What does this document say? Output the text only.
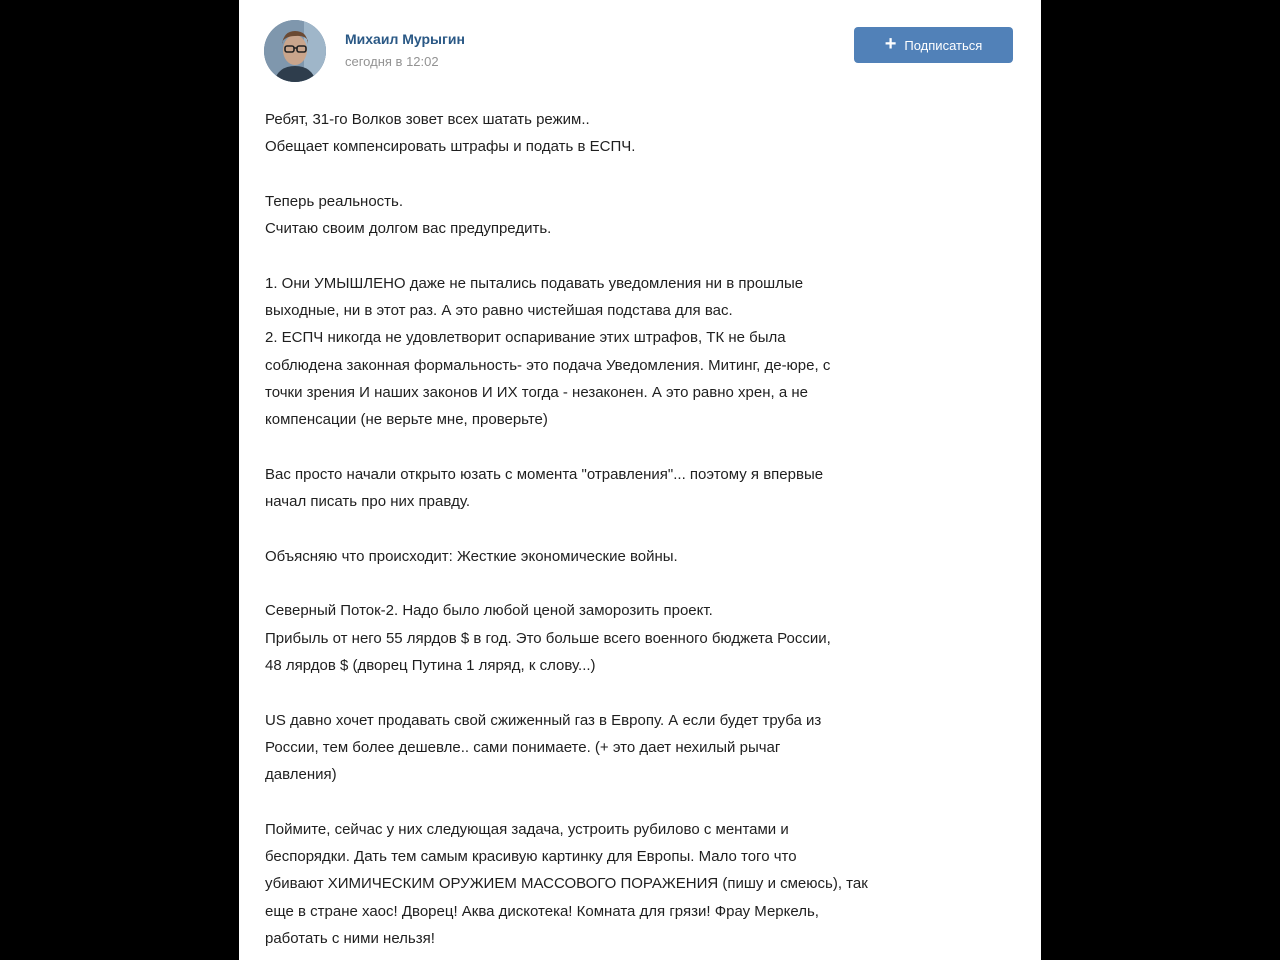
Михаил Мурыгин
сегодня в 12:02
+ Подписаться

Ребят, 31-го Волков зовет всех шатать режим..
Обещает компенсировать штрафы и подать в ЕСПЧ.

Теперь реальность.
Считаю своим долгом вас предупредить.

1. Они УМЫШЛЕНО даже не пытались подавать уведомления ни в прошлые
выходные, ни в этот раз. А это равно чистейшая подстава для вас.
2. ЕСПЧ никогда не удовлетворит оспаривание этих штрафов, ТК не была
соблюдена законная формальность- это подача Уведомления. Митинг, де-юре, с
точки зрения И наших законов И ИХ тогда - незаконен. А это равно хрен, а не
компенсации (не верьте мне, проверьте)

Вас просто начали открыто юзать с момента "отравления"... поэтому я впервые
начал писать про них правду.

Объясняю что происходит: Жесткие экономические войны.

Северный Поток-2. Надо было любой ценой заморозить проект.
Прибыль от него 55 лярдов $ в год. Это больше всего военного бюджета России,
48 лярдов $ (дворец Путина 1 ляряд, к слову...)

US давно хочет продавать свой сжиженный газ в Европу. А если будет труба из
России, тем более дешевле.. сами понимаете. (+ это дает нехилый рычаг
давления)

Поймите, сейчас у них следующая задача, устроить рубилово с ментами и
беспорядки. Дать тем самым красивую картинку для Европы. Мало того что
убивают ХИМИЧЕСКИМ ОРУЖИЕМ МАССОВОГО ПОРАЖЕНИЯ (пишу и смеюсь), так
еще в стране хаос! Дворец! Аква дискотека! Комната для грязи! Фрау Меркель,
работать с ними нельзя!
